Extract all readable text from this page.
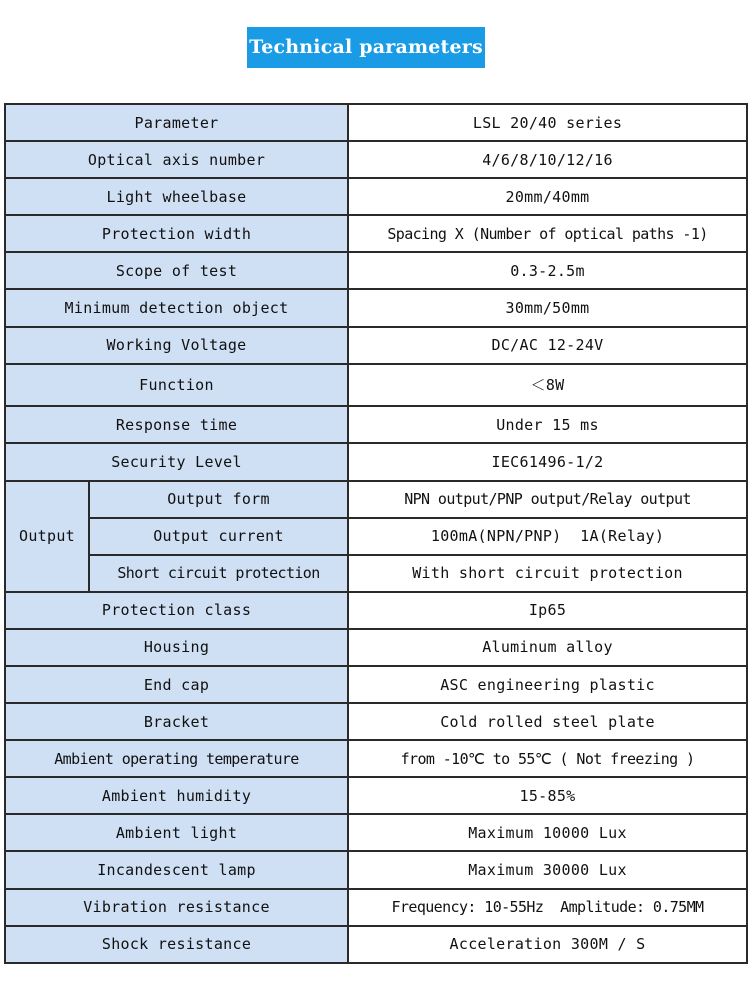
Technical parameters
Parameter		LSL 20/40 series
Optical axis number		4/6/8/10/12/16
Light wheelbase		20mm/40mm
Protection width		Spacing X (Number of optical paths -1)
Scope of test		0.3-2.5m
Minimum detection object		30mm/50mm
Working Voltage		DC/AC 12-24V
Function		＜8W
Response time		Under 15 ms
Security Level		IEC61496-1/2
Output	Output form	NPN output/PNP output/Relay output
	Output current	100mA(NPN/PNP)  1A(Relay)
	Short circuit protection	With short circuit protection
Protection class		Ip65
Housing		Aluminum alloy
End cap		ASC engineering plastic
Bracket		Cold rolled steel plate
Ambient operating temperature		from -10℃ to 55℃ ( Not freezing )
Ambient humidity		15-85%
Ambient light		Maximum 10000 Lux
Incandescent lamp		Maximum 30000 Lux
Vibration resistance		Frequency: 10-55Hz  Amplitude: 0.75MM
Shock resistance		Acceleration 300M / S
